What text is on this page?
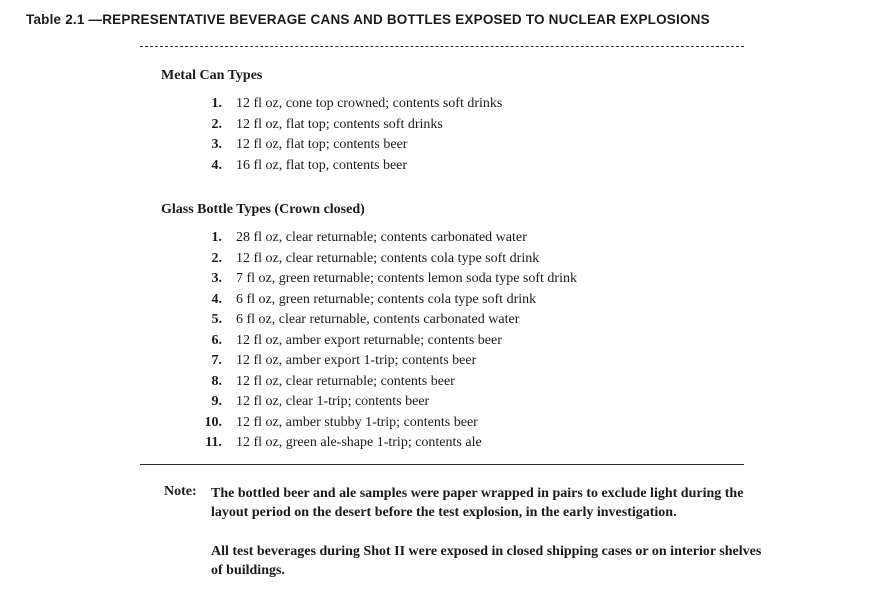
Table 2.1 —REPRESENTATIVE BEVERAGE CANS AND BOTTLES EXPOSED TO NUCLEAR EXPLOSIONS
Metal Can Types
1. 12 fl oz, cone top crowned; contents soft drinks
2. 12 fl oz, flat top; contents soft drinks
3. 12 fl oz, flat top; contents beer
4. 16 fl oz, flat top, contents beer
Glass Bottle Types (Crown closed)
1. 28 fl oz, clear returnable; contents carbonated water
2. 12 fl oz, clear returnable; contents cola type soft drink
3. 7 fl oz, green returnable; contents lemon soda type soft drink
4. 6 fl oz, green returnable; contents cola type soft drink
5. 6 fl oz, clear returnable, contents carbonated water
6. 12 fl oz, amber export returnable; contents beer
7. 12 fl oz, amber export 1-trip; contents beer
8. 12 fl oz, clear returnable; contents beer
9. 12 fl oz, clear 1-trip; contents beer
10. 12 fl oz, amber stubby 1-trip; contents beer
11. 12 fl oz, green ale-shape 1-trip; contents ale
Note: The bottled beer and ale samples were paper wrapped in pairs to exclude light during the layout period on the desert before the test explosion, in the early investigation.
All test beverages during Shot II were exposed in closed shipping cases or on interior shelves of buildings.
